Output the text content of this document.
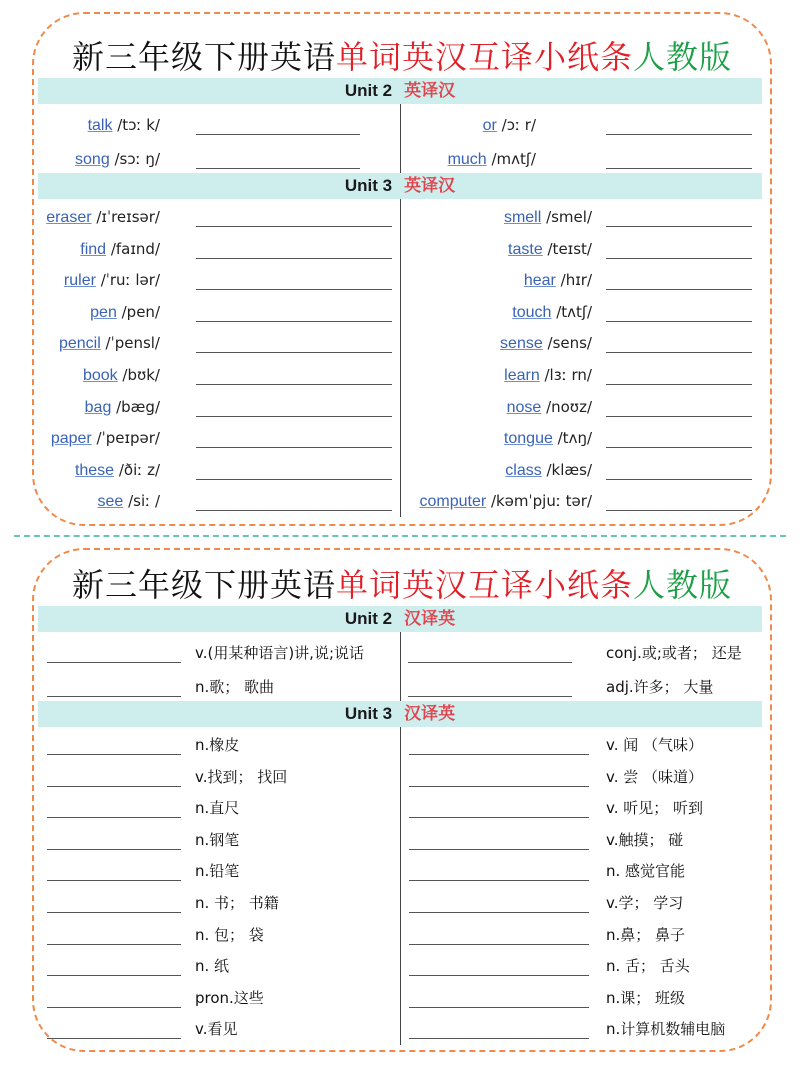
新三年级下册英语单词英汉互译小纸条人教版
新三年级下册英语单词英汉互译小纸条人教版
Unit 2 英译汉
Unit 3 英译汉
Unit 2 汉译英
Unit 3 汉译英
talk /tɔː k/
song /sɔː ŋ/
or /ɔː r/
much /mʌtʃ/
eraser /ɪˈreɪsər/
find /faɪnd/
ruler /ˈruː lər/
pen /pen/
pencil /ˈpensl/
book /bʊk/
bag /bæg/
paper /ˈpeɪpər/
these /ðiː z/
see /siː /
smell /smel/
taste /teɪst/
hear /hɪr/
touch /tʌtʃ/
sense /sens/
learn /lɜː rn/
nose /noʊz/
tongue /tʌŋ/
class /klæs/
computer /kəmˈpjuː tər/
v.(用某种语言)讲,说;说话
n.歌； 歌曲
conj.或;或者； 还是
adj.许多； 大量
n.橡皮
v.找到； 找回
n.直尺
n.钢笔
n.铅笔
n. 书； 书籍
n. 包； 袋
n. 纸
pron.这些
v.看见
v. 闻 （气味）
v. 尝 （味道）
v. 听见； 听到
v.触摸； 碰
n. 感觉官能
v.学； 学习
n.鼻； 鼻子
n. 舌； 舌头
n.课； 班级
n.计算机数辅电脑
